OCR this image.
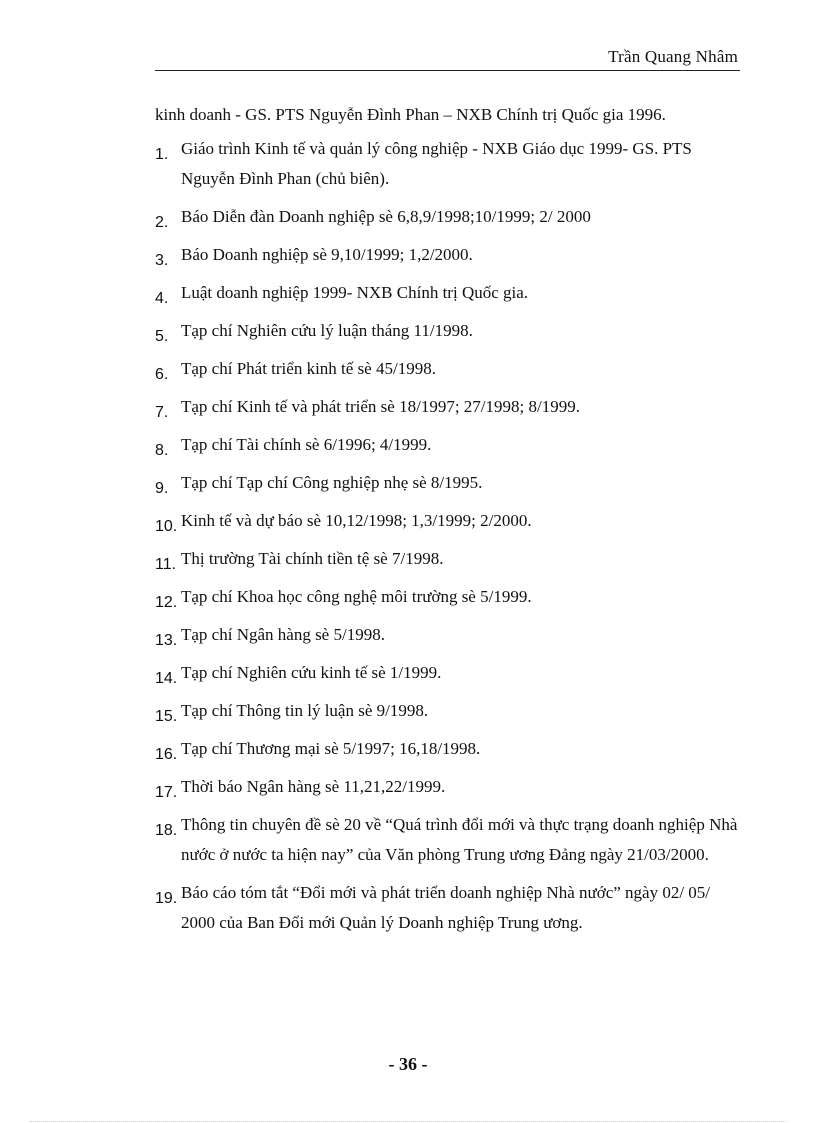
Trần Quang Nhâm

kinh doanh - GS. PTS Nguyễn Đình Phan – NXB Chính trị Quốc gia 1996.

1. Giáo trình Kinh tế và quản lý công nghiệp - NXB Giáo dục 1999- GS. PTS Nguyễn Đình Phan (chủ biên).
2. Báo Diễn đàn Doanh nghiệp sè 6,8,9/1998;10/1999; 2/ 2000
3. Báo Doanh nghiệp sè 9,10/1999; 1,2/2000.
4. Luật doanh nghiệp 1999- NXB Chính trị Quốc gia.
5. Tạp chí Nghiên cứu lý luận tháng 11/1998.
6. Tạp chí Phát triển kinh tế sè 45/1998.
7. Tạp chí Kinh tế và phát triển sè 18/1997; 27/1998; 8/1999.
8. Tạp chí Tài chính sè 6/1996; 4/1999.
9. Tạp chí Tạp chí Công nghiệp nhẹ sè 8/1995.
10. Kinh tế và dự báo sè 10,12/1998; 1,3/1999; 2/2000.
11. Thị trường Tài chính tiền tệ sè 7/1998.
12. Tạp chí Khoa học công nghệ môi trường sè 5/1999.
13. Tạp chí Ngân hàng sè 5/1998.
14. Tạp chí Nghiên cứu kinh tế sè 1/1999.
15. Tạp chí Thông tin lý luận sè 9/1998.
16. Tạp chí Thương mại sè 5/1997; 16,18/1998.
17. Thời báo Ngân hàng sè 11,21,22/1999.
18. Thông tin chuyên đề sè 20 về “Quá trình đổi mới và thực trạng doanh nghiệp Nhà nước ở nước ta hiện nay” của Văn phòng Trung ương Đảng ngày 21/03/2000.
19. Báo cáo tóm tắt “Đổi mới và phát triển doanh nghiệp Nhà nước” ngày 02/ 05/ 2000 của Ban Đổi mới Quản lý Doanh nghiệp Trung ương.
- 36 -
